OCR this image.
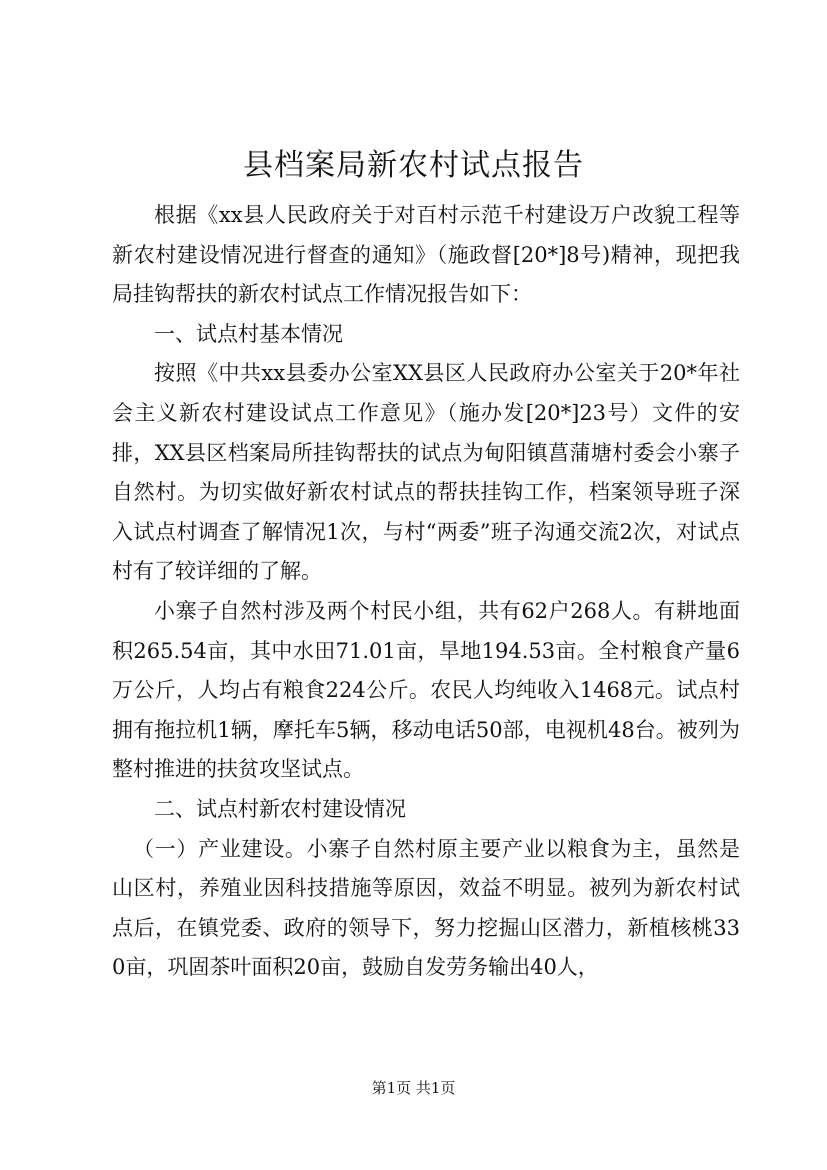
县档案局新农村试点报告

根据《xx县人民政府关于对百村示范千村建设万户改貌工程等新农村建设情况进行督查的通知》（施政督[20*]8号)精神，现把我局挂钩帮扶的新农村试点工作情况报告如下：

一、试点村基本情况

按照《中共xx县委办公室XX县区人民政府办公室关于20*年社会主义新农村建设试点工作意见》（施办发[20*]23号）文件的安排，XX县区档案局所挂钩帮扶的试点为甸阳镇菖蒲塘村委会小寨子自然村。为切实做好新农村试点的帮扶挂钩工作，档案领导班子深入试点村调查了解情况1次，与村“两委”班子沟通交流2次，对试点村有了较详细的了解。

小寨子自然村涉及两个村民小组，共有62户268人。有耕地面积265.54亩，其中水田71.01亩，旱地194.53亩。全村粮食产量6万公斤，人均占有粮食224公斤。农民人均纯收入1468元。试点村拥有拖拉机1辆，摩托车5辆，移动电话50部，电视机48台。被列为整村推进的扶贫攻坚试点。

二、试点村新农村建设情况

（一）产业建设。小寨子自然村原主要产业以粮食为主，虽然是山区村，养殖业因科技措施等原因，效益不明显。被列为新农村试点后，在镇党委、政府的领导下，努力挖掘山区潜力，新植核桃330亩，巩固茶叶面积20亩，鼓励自发劳务输出40人，

第1页 共1页
